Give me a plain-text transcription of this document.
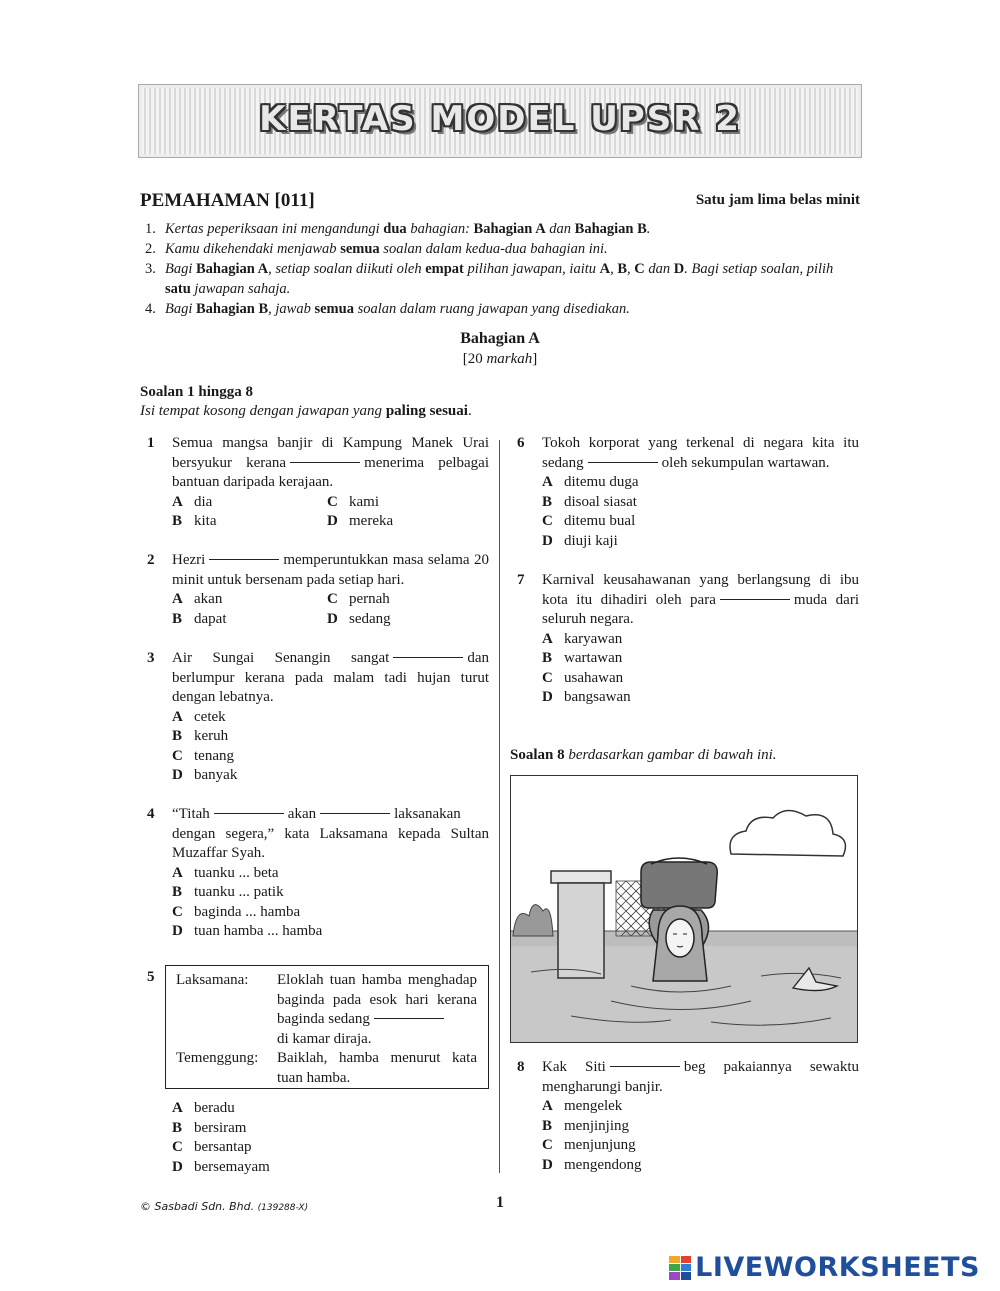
KERTAS MODEL UPSR 2
PEMAHAMAN [011]	Satu jam lima belas minit
1. Kertas peperiksaan ini mengandungi dua bahagian: Bahagian A dan Bahagian B.
2. Kamu dikehendaki menjawab semua soalan dalam kedua-dua bahagian ini.
3. Bagi Bahagian A, setiap soalan diikuti oleh empat pilihan jawapan, iaitu A, B, C dan D. Bagi setiap soalan, pilih satu jawapan sahaja.
4. Bagi Bahagian B, jawab semua soalan dalam ruang jawapan yang disediakan.
Bahagian A
[20 markah]
Soalan 1 hingga 8
Isi tempat kosong dengan jawapan yang paling sesuai.
1 Semua mangsa banjir di Kampung Manek Urai bersyukur kerana	menerima pelbagai bantuan daripada kerajaan.
A dia	C kami
B kita	D mereka
2 Hezri	memperuntukkan masa selama 20 minit untuk bersenam pada setiap hari.
A akan	C pernah
B dapat	D sedang
3 Air Sungai Senangin sangat	dan berlumpur kerana pada malam tadi hujan turut dengan lebatnya.
A cetek
B keruh
C tenang
D banyak
4 “Titah	akan	laksanakan dengan segera,” kata Laksamana kepada Sultan Muzaffar Syah.
A tuanku ... beta
B tuanku ... patik
C baginda ... hamba
D tuan hamba ... hamba
5 Laksamana:	Eloklah tuan hamba menghadap baginda pada esok hari kerana baginda sedang
di kamar diraja.
Temenggung:	Baiklah, hamba menurut kata tuan hamba.
A beradu
B bersiram
C bersantap
D bersemayam
6 Tokoh korporat yang terkenal di negara kita itu sedang	oleh sekumpulan wartawan.
A ditemu duga
B disoal siasat
C ditemu bual
D diuji kaji
7 Karnival keusahawanan yang berlangsung di ibu kota itu dihadiri oleh para	muda dari seluruh negara.
A karyawan
B wartawan
C usahawan
D bangsawan
Soalan 8 berdasarkan gambar di bawah ini.
8 Kak Siti	beg pakaiannya sewaktu mengharungi banjir.
A mengelek
B menjinjing
C menjunjung
D mengendong
© Sasbadi Sdn. Bhd. (139288-X)	1
LIVEWORKSHEETS
